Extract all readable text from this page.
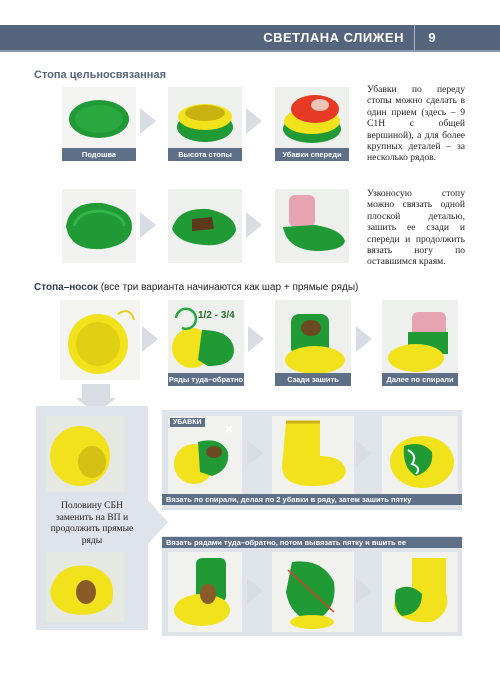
СВЕТЛАНА СЛИЖЕН	9
Стопа цельносвязанная
Подошва	Высота стопы	Убавки спереди
Убавки по переду стопы можно сделать в один прием (здесь – 9 С1Н с общей вершиной), а для более крупных деталей – за несколько рядов.
Узконосую стопу можно связать одной плоской деталью, зашить ее сзади и спереди и продолжить вязать ногу по оставшимся краям.
Стопа–носок (все три варианта начинаются как шар + прямые ряды)
1/2 - 3/4
Ряды туда–обратно	Сзади зашить	Далее по спирали
Половину СБН заменить на ВП и продолжить прямые ряды
УБАВКИ
Вязать по спирали, делая по 2 убавки в ряду, затем зашить пятку
Вязать рядами туда–обратно, потом вывязать пятку и вшить ее
